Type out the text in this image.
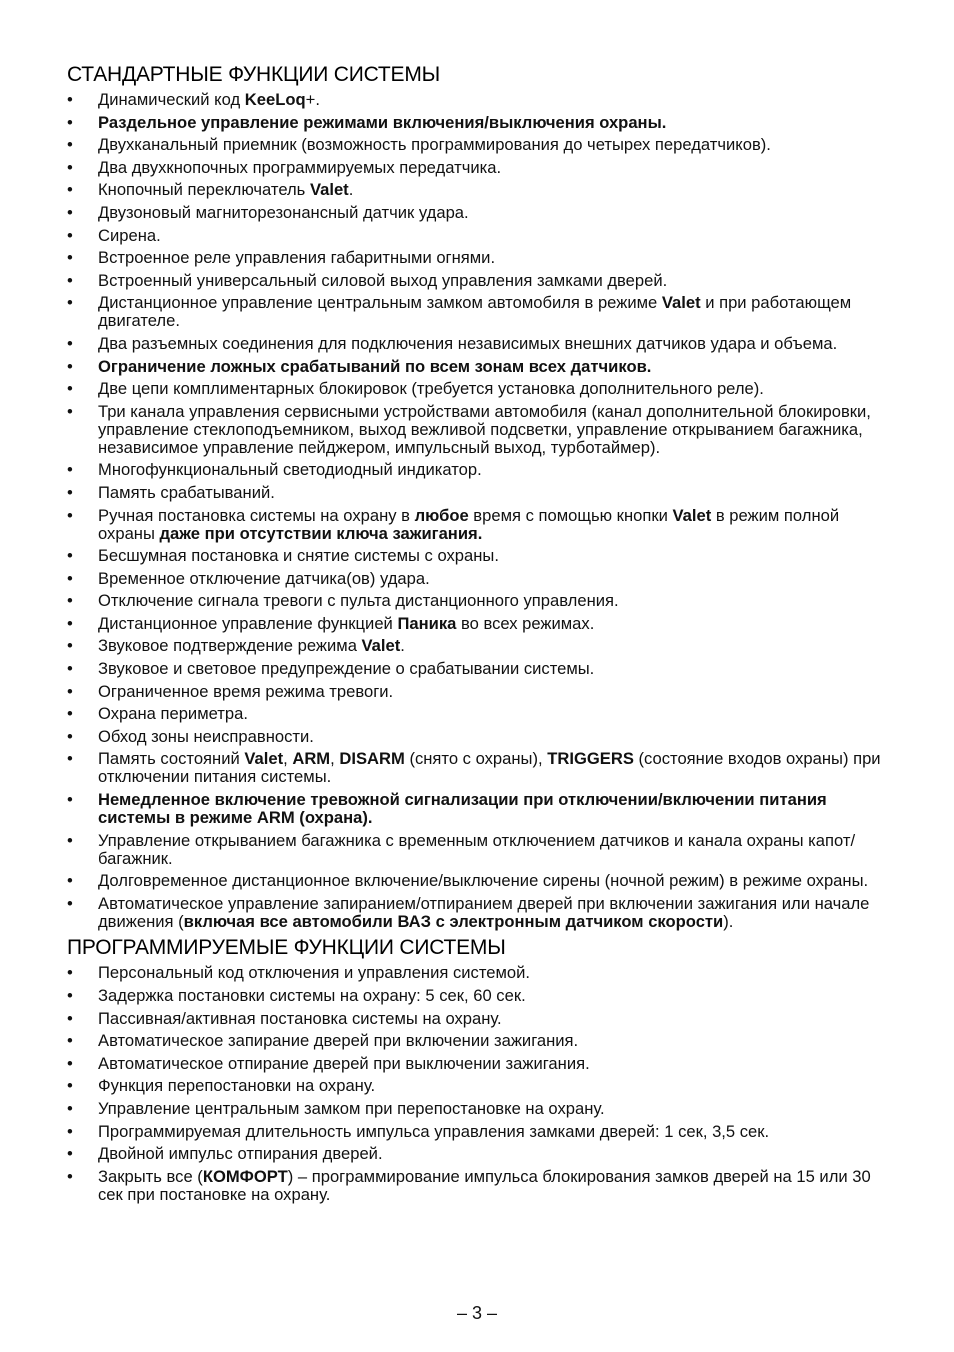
СТАНДАРТНЫЕ ФУНКЦИИ СИСТЕМЫ
•	Динамический код KeeLoq+.
•	Раздельное управление режимами включения/выключения охраны.
•	Двухканальный приемник (возможность программирования до четырех передатчиков).
•	Два двухкнопочных программируемых передатчика.
•	Кнопочный переключатель Valet.
•	Двузоновый магниторезонансный датчик удара.
•	Сирена.
•	Встроенное реле управления габаритными огнями.
•	Встроенный универсальный силовой выход управления замками дверей.
•	Дистанционное управление центральным замком автомобиля в режиме Valet и при работающем двигателе.
•	Два разъемных соединения для подключения независимых внешних датчиков удара и объема.
•	Ограничение ложных срабатываний по всем зонам всех датчиков.
•	Две цепи комплиментарных блокировок (требуется установка дополнительного реле).
•	Три канала управления сервисными устройствами автомобиля (канал дополнительной блокировки, управление стеклоподъемником, выход вежливой подсветки, управление открыванием багажника, независимое управление пейджером, импульсный выход, турботаймер).
•	Многофункциональный светодиодный индикатор.
•	Память срабатываний.
•	Ручная постановка системы на охрану в любое время с помощью кнопки Valet в режим полной охраны даже при отсутствии ключа зажигания.
•	Бесшумная постановка и снятие системы с охраны.
•	Временное отключение датчика(ов) удара.
•	Отключение сигнала тревоги с пульта дистанционного управления.
•	Дистанционное управление функцией Паника во всех режимах.
•	Звуковое подтверждение режима Valet.
•	Звуковое и световое предупреждение о срабатывании системы.
•	Ограниченное время режима тревоги.
•	Охрана периметра.
•	Обход зоны неисправности.
•	Память состояний Valet, ARM, DISARM (снято с охраны), TRIGGERS (состояние входов охраны) при отключении питания системы.
•	Немедленное включение тревожной сигнализации при отключении/включении питания системы в режиме ARM (охрана).
•	Управление открыванием багажника с временным отключением датчиков и канала охраны капот/багажник.
•	Долговременное дистанционное включение/выключение сирены (ночной режим) в режиме охраны.
•	Автоматическое управление запиранием/отпиранием дверей при включении зажигания или начале движения (включая все автомобили ВАЗ с электронным датчиком скорости).
ПРОГРАММИРУЕМЫЕ ФУНКЦИИ СИСТЕМЫ
•	Персональный код отключения и управления системой.
•	Задержка постановки системы на охрану: 5 сек, 60 сек.
•	Пассивная/активная постановка системы на охрану.
•	Автоматическое запирание дверей при включении зажигания.
•	Автоматическое отпирание дверей при выключении зажигания.
•	Функция перепостановки на охрану.
•	Управление центральным замком при перепостановке на охрану.
•	Программируемая длительность импульса управления замками дверей: 1 сек, 3,5 сек.
•	Двойной импульс отпирания дверей.
•	Закрыть все (КОМФОРТ) – программирование импульса блокирования замков дверей на 15 или 30 сек при постановке на охрану.
– 3 –
